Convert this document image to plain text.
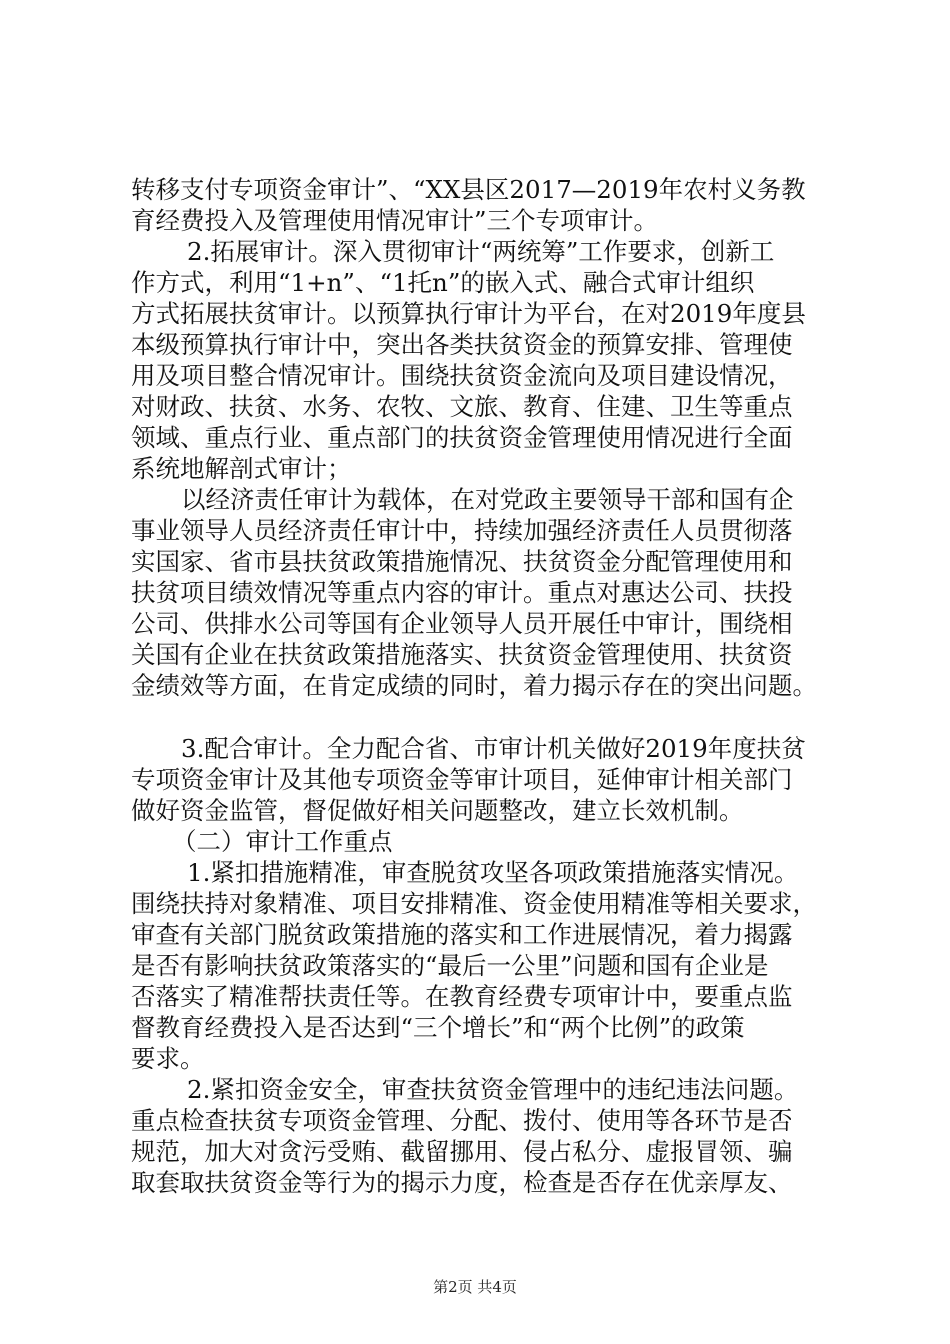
转移支付专项资金审计”、“XX县区2017—2019年农村义务教
育经费投入及管理使用情况审计”三个专项审计。
2.拓展审计。深入贯彻审计“两统筹”工作要求，创新工
作方式，利用“1+n”、“1托n”的嵌入式、融合式审计组织
方式拓展扶贫审计。以预算执行审计为平台，在对2019年度县
本级预算执行审计中，突出各类扶贫资金的预算安排、管理使
用及项目整合情况审计。围绕扶贫资金流向及项目建设情况，
对财政、扶贫、水务、农牧、文旅、教育、住建、卫生等重点
领域、重点行业、重点部门的扶贫资金管理使用情况进行全面
系统地解剖式审计；
以经济责任审计为载体，在对党政主要领导干部和国有企
事业领导人员经济责任审计中，持续加强经济责任人员贯彻落
实国家、省市县扶贫政策措施情况、扶贫资金分配管理使用和
扶贫项目绩效情况等重点内容的审计。重点对惠达公司、扶投
公司、供排水公司等国有企业领导人员开展任中审计，围绕相
关国有企业在扶贫政策措施落实、扶贫资金管理使用、扶贫资
金绩效等方面，在肯定成绩的同时，着力揭示存在的突出问题。
3.配合审计。全力配合省、市审计机关做好2019年度扶贫
专项资金审计及其他专项资金等审计项目，延伸审计相关部门
做好资金监管，督促做好相关问题整改，建立长效机制。
（二）审计工作重点
1.紧扣措施精准，审查脱贫攻坚各项政策措施落实情况。
围绕扶持对象精准、项目安排精准、资金使用精准等相关要求，
审查有关部门脱贫政策措施的落实和工作进展情况，着力揭露
是否有影响扶贫政策落实的“最后一公里”问题和国有企业是
否落实了精准帮扶责任等。在教育经费专项审计中，要重点监
督教育经费投入是否达到“三个增长”和“两个比例”的政策
要求。
2.紧扣资金安全，审查扶贫资金管理中的违纪违法问题。
重点检查扶贫专项资金管理、分配、拨付、使用等各环节是否
规范，加大对贪污受贿、截留挪用、侵占私分、虚报冒领、骗
取套取扶贫资金等行为的揭示力度，检查是否存在优亲厚友、
第2页 共4页
